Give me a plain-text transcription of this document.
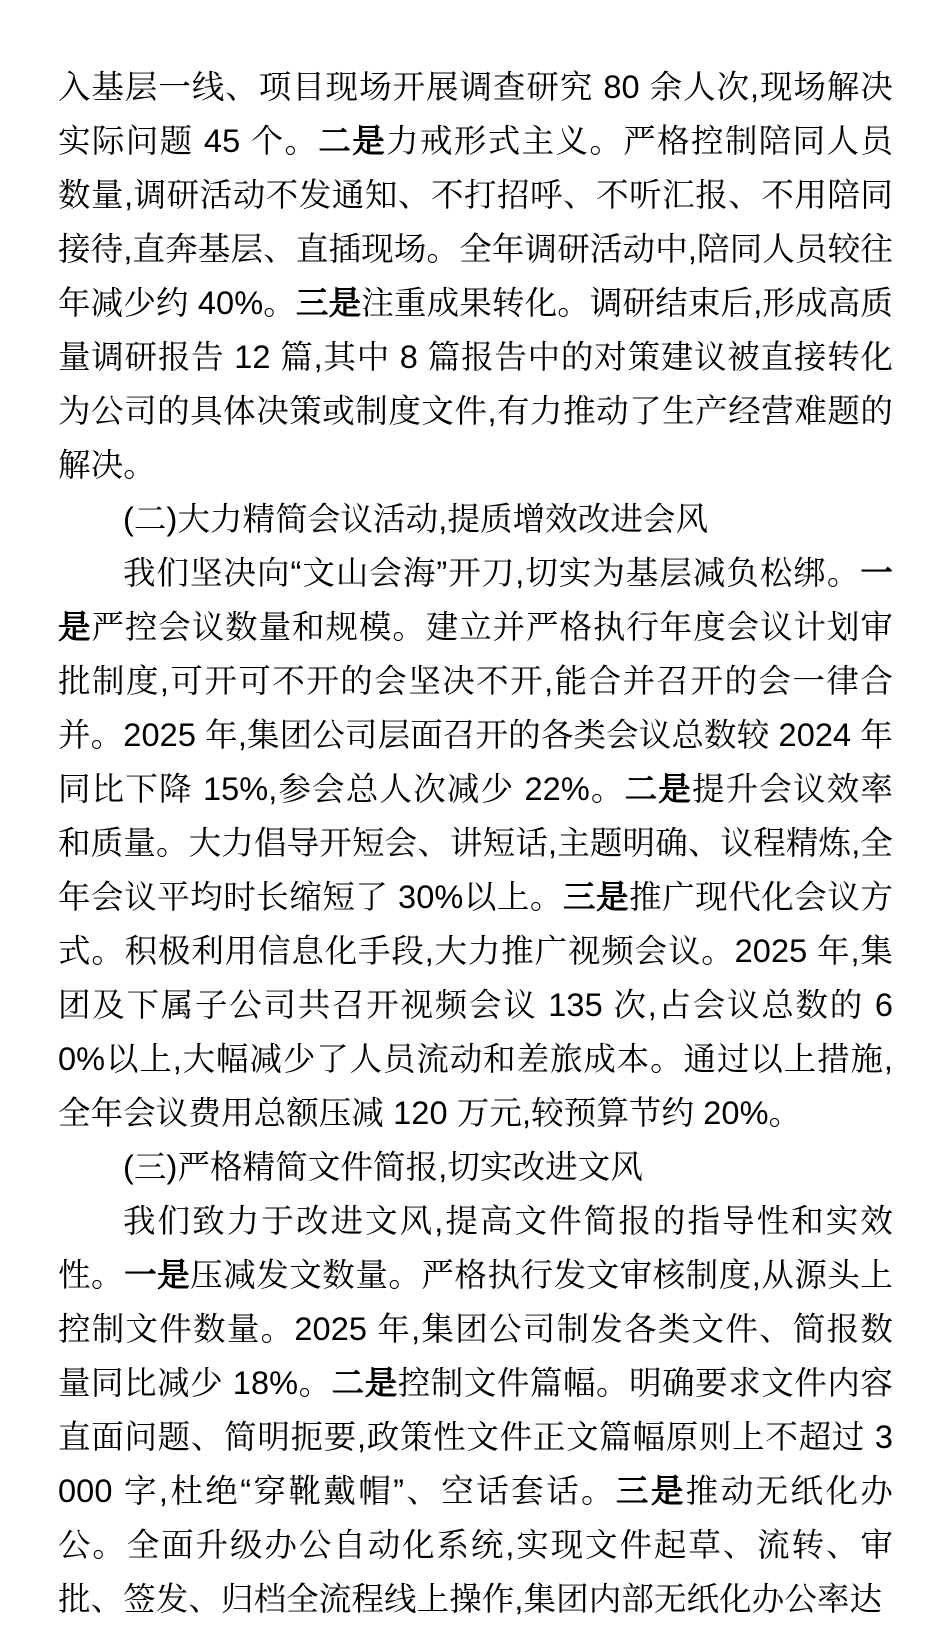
入基层一线、项目现场开展调查研究 80 余人次,现场解决实际问题 45 个。二是力戒形式主义。严格控制陪同人员数量,调研活动不发通知、不打招呼、不听汇报、不用陪同接待,直奔基层、直插现场。全年调研活动中,陪同人员较往年减少约 40%。三是注重成果转化。调研结束后,形成高质量调研报告 12 篇,其中 8 篇报告中的对策建议被直接转化为公司的具体决策或制度文件,有力推动了生产经营难题的解决。

(二)大力精简会议活动,提质增效改进会风

我们坚决向“文山会海”开刀,切实为基层减负松绑。一是严控会议数量和规模。建立并严格执行年度会议计划审批制度,可开可不开的会坚决不开,能合并召开的会一律合并。2025 年,集团公司层面召开的各类会议总数较 2024 年同比下降 15%,参会总人次减少 22%。二是提升会议效率和质量。大力倡导开短会、讲短话,主题明确、议程精炼,全年会议平均时长缩短了 30%以上。三是推广现代化会议方式。积极利用信息化手段,大力推广视频会议。2025 年,集团及下属子公司共召开视频会议 135 次,占会议总数的 60%以上,大幅减少了人员流动和差旅成本。通过以上措施,全年会议费用总额压减 120 万元,较预算节约 20%。

(三)严格精简文件简报,切实改进文风

我们致力于改进文风,提高文件简报的指导性和实效性。一是压减发文数量。严格执行发文审核制度,从源头上控制文件数量。2025 年,集团公司制发各类文件、简报数量同比减少 18%。二是控制文件篇幅。明确要求文件内容直面问题、简明扼要,政策性文件正文篇幅原则上不超过 3000 字,杜绝“穿靴戴帽”、空话套话。三是推动无纸化办公。全面升级办公自动化系统,实现文件起草、流转、审批、签发、归档全流程线上操作,集团内部无纸化办公率达
